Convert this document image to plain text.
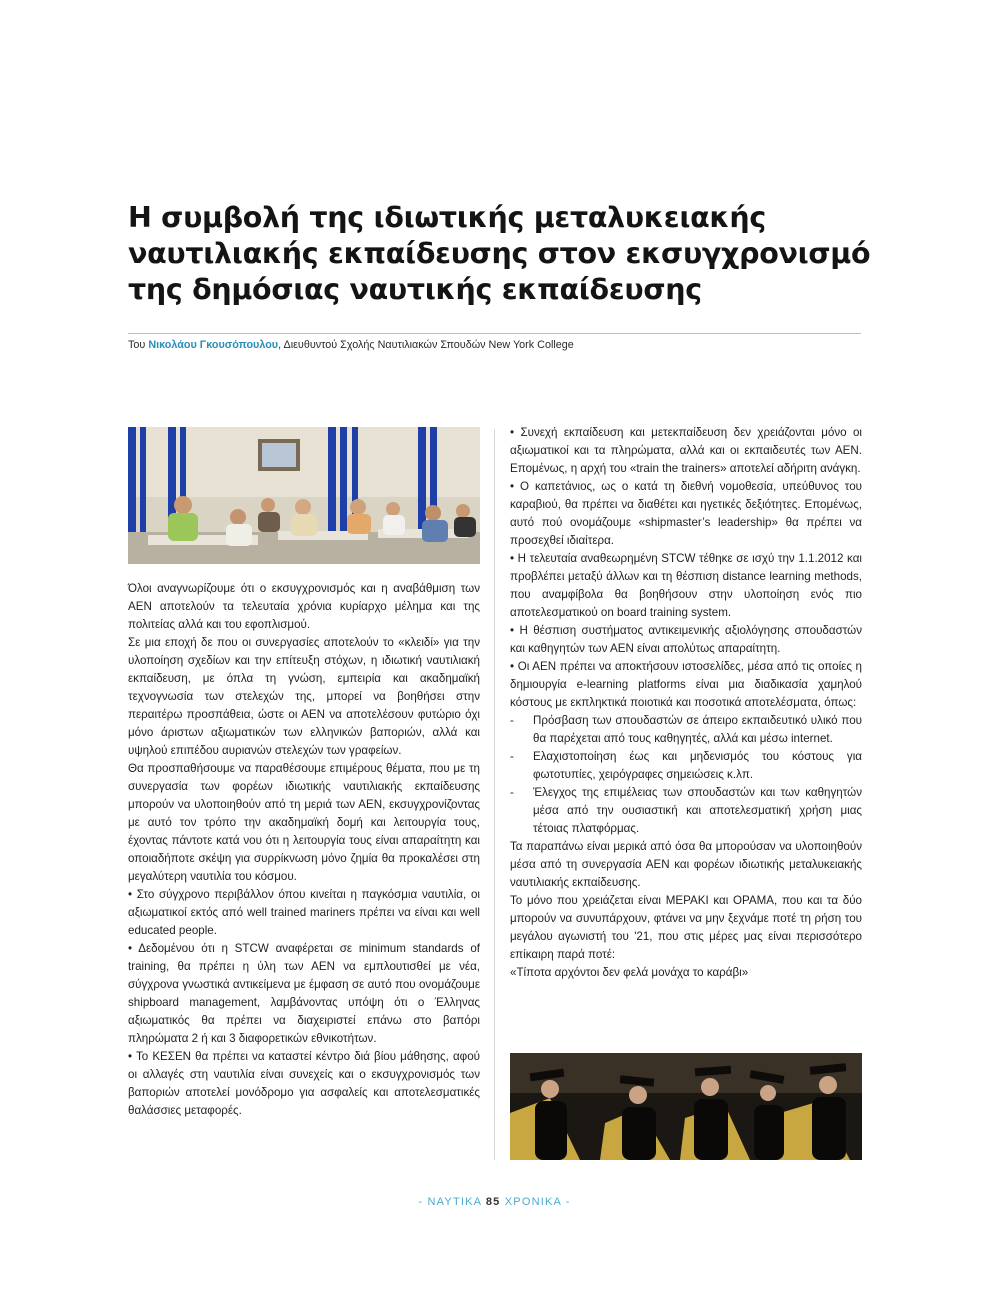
Η συμβολή της ιδιωτικής μεταλυκειακής
ναυτιλιακής εκπαίδευσης στον εκσυγχρονισμό
της δημόσιας ναυτικής εκπαίδευσης
Του Νικολάου Γκουσόπουλου, Διευθυντού Σχολής Ναυτιλιακών Σπουδών New York College

Όλοι αναγνωρίζουμε ότι ο εκσυγχρονισμός και η αναβάθμιση των ΑΕΝ αποτελούν τα τελευταία χρόνια κυρίαρχο μέλημα και της πολιτείας αλλά και του εφοπλισμού.

Σε μια εποχή δε που οι συνεργασίες αποτελούν το «κλειδί» για την υλοποίηση σχεδίων και την επίτευξη στόχων, η ιδιωτική ναυτιλιακή εκπαίδευση, με όπλα τη γνώση, εμπειρία και ακαδημαϊκή τεχνογνωσία των στελεχών της, μπορεί να βοηθήσει στην περαιτέρω προσπάθεια, ώστε οι ΑΕΝ να αποτελέσουν φυτώριο όχι μόνο άριστων αξιωματικών των ελληνικών βαποριών, αλλά και υψηλού επιπέδου αυριανών στελεχών των γραφείων.

Θα προσπαθήσουμε να παραθέσουμε επιμέρους θέματα, που με τη συνεργασία των φορέων ιδιωτικής ναυτιλιακής εκπαίδευσης μπορούν να υλοποιηθούν από τη μεριά των ΑΕΝ, εκσυγχρονίζοντας με αυτό τον τρόπο την ακαδημαϊκή δομή και λειτουργία τους, έχοντας πάντοτε κατά νου ότι η λειτουργία τους είναι απαραίτητη και οποιαδήποτε σκέψη για συρρίκνωση μόνο ζημία θα προκαλέσει στη μεγαλύτερη ναυτιλία του κόσμου.

• Στο σύγχρονο περιβάλλον όπου κινείται η παγκόσμια ναυτιλία, οι αξιωματικοί εκτός από well trained mariners πρέπει να είναι και well educated people.

• Δεδομένου ότι η STCW αναφέρεται σε minimum standards of training, θα πρέπει η ύλη των ΑΕΝ να εμπλουτισθεί με νέα, σύγχρονα γνωστικά αντικείμενα με έμφαση σε αυτό που ονομάζουμε shipboard management, λαμβάνοντας υπόψη ότι ο Έλληνας αξιωματικός θα πρέπει να διαχειριστεί επάνω στο βαπόρι πληρώματα 2 ή και 3 διαφορετικών εθνικοτήτων.

• Το ΚΕΣΕΝ θα πρέπει να καταστεί κέντρο διά βίου μάθησης, αφού οι αλλαγές στη ναυτιλία είναι συνεχείς και ο εκσυγχρονισμός των βαποριών αποτελεί μονόδρομο για ασφαλείς και αποτελεσματικές θαλάσσιες μεταφορές.

• Συνεχή εκπαίδευση και μετεκπαίδευση δεν χρειάζονται μόνο οι αξιωματικοί και τα πληρώματα, αλλά και οι εκπαιδευτές των ΑΕΝ. Επομένως, η αρχή του «train the trainers» αποτελεί αδήριτη ανάγκη.

• Ο καπετάνιος, ως ο κατά τη διεθνή νομοθεσία, υπεύθυνος του καραβιού, θα πρέπει να διαθέτει και ηγετικές δεξιότητες. Επομένως, αυτό πού ονομάζουμε «shipmaster’s leadership» θα πρέπει να προσεχθεί ιδιαίτερα.

• Η τελευταία αναθεωρημένη STCW τέθηκε σε ισχύ την 1.1.2012 και προβλέπει μεταξύ άλλων και τη θέσπιση distance learning methods, που αναμφίβολα θα βοηθήσουν στην υλοποίηση ενός πιο αποτελεσματικού on board training system.

• Η θέσπιση συστήματος αντικειμενικής αξιολόγησης σπουδαστών και καθηγητών των ΑΕΝ είναι απολύτως απαραίτητη.

• Οι ΑΕΝ πρέπει να αποκτήσουν ιστοσελίδες, μέσα από τις οποίες η δημιουργία e-learning platforms είναι μια διαδικασία χαμηλού κόστους με εκπληκτικά ποιοτικά και ποσοτικά αποτελέσματα, όπως:

-	Πρόσβαση των σπουδαστών σε άπειρο εκπαιδευτικό υλικό που θα παρέχεται από τους καθηγητές, αλλά και μέσω internet.
-	Ελαχιστοποίηση έως και μηδενισμός του κόστους για φωτοτυπίες, χειρόγραφες σημειώσεις κ.λπ.
-	Έλεγχος της επιμέλειας των σπουδαστών και των καθηγητών μέσα από την ουσιαστική και αποτελεσματική χρήση μιας τέτοιας πλατφόρμας.

Τα παραπάνω είναι μερικά από όσα θα μπορούσαν να υλοποιηθούν μέσα από τη συνεργασία ΑΕΝ και φορέων ιδιωτικής μεταλυκειακής ναυτιλιακής εκπαίδευσης.

Το μόνο που χρειάζεται είναι ΜΕΡΑΚΙ και ΟΡΑΜΑ, που και τα δύο μπορούν να συνυπάρχουν, φτάνει να μην ξεχνάμε ποτέ τη ρήση του μεγάλου αγωνιστή του '21, που στις μέρες μας είναι περισσότερο επίκαιρη παρά ποτέ:

«Τίποτα αρχόντοι δεν φελά μονάχα το καράβι»

- ΝΑΥΤΙΚΑ 85 ΧΡΟΝΙΚΑ -
